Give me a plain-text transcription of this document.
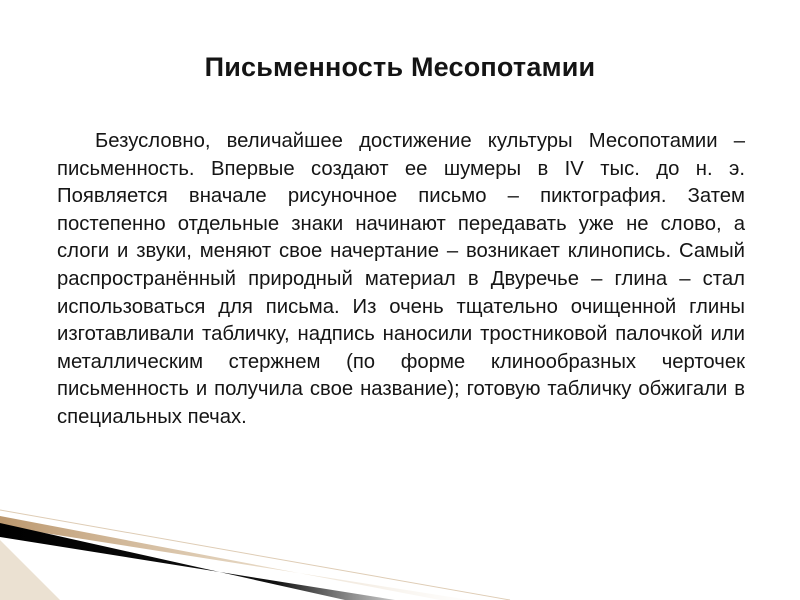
Письменность Месопотамии

Безусловно, величайшее достижение культуры Месопотамии – письменность. Впервые создают ее шумеры в IV тыс. до н. э. Появляется вначале рисуночное письмо – пиктография. Затем постепенно отдельные знаки начинают передавать уже не слово, а слоги и звуки, меняют свое начертание – возникает клинопись. Самый распространённый природный материал в Двуречье – глина – стал использоваться для письма. Из очень тщательно очищенной глины изготавливали табличку, надпись наносили тростниковой палочкой или металлическим стержнем (по форме клинообразных черточек письменность и получила свое название); готовую табличку обжигали в специальных печах.
